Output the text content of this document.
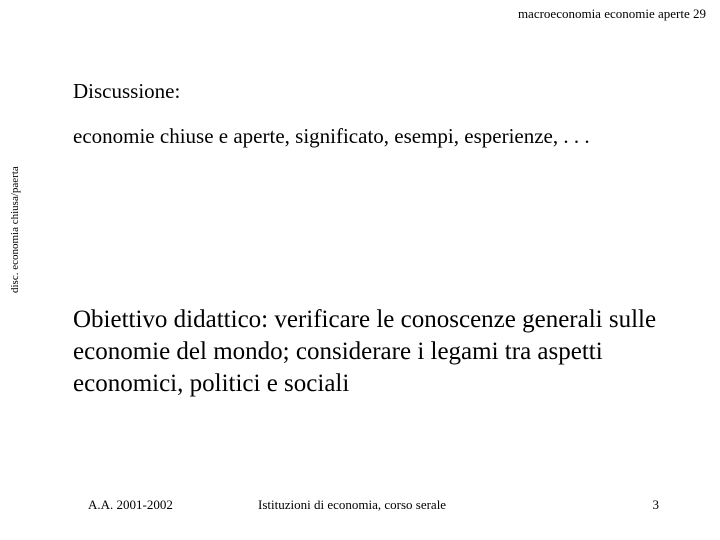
macroeconomia economie aperte 29
disc. economia chiusa/paerta
Discussione:
economie chiuse e aperte, significato, esempi, esperienze, . . .
Obiettivo didattico: verificare le conoscenze generali sulle economie del mondo; considerare i legami tra aspetti economici, politici e sociali
A.A. 2001-2002	Istituzioni di economia, corso serale	3
